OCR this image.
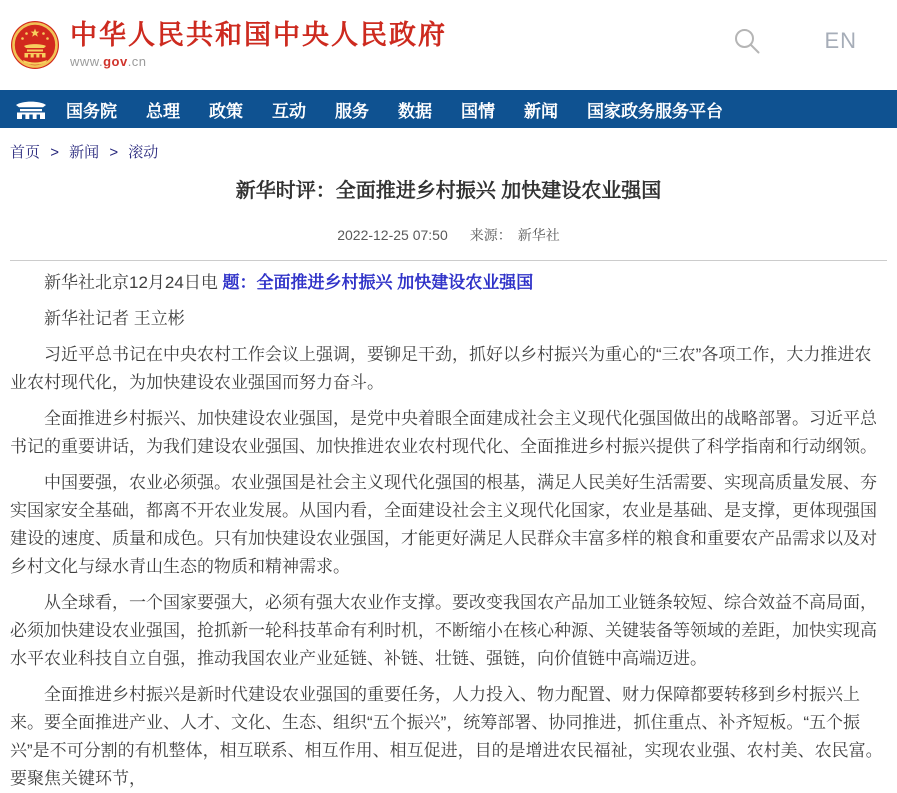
中华人民共和国中央人民政府
www.gov.cn
EN
国务院 总理 政策 互动 服务 数据 国情 新闻 国家政务服务平台
首页 > 新闻 > 滚动
新华时评：全面推进乡村振兴 加快建设农业强国
2022-12-25 07:50 来源： 新华社

新华社北京12月24日电 题：全面推进乡村振兴 加快建设农业强国

新华社记者 王立彬

习近平总书记在中央农村工作会议上强调，要铆足干劲，抓好以乡村振兴为重心的“三农”各项工作，大力推进农业农村现代化，为加快建设农业强国而努力奋斗。

全面推进乡村振兴、加快建设农业强国，是党中央着眼全面建成社会主义现代化强国做出的战略部署。习近平总书记的重要讲话，为我们建设农业强国、加快推进农业农村现代化、全面推进乡村振兴提供了科学指南和行动纲领。

中国要强，农业必须强。农业强国是社会主义现代化强国的根基，满足人民美好生活需要、实现高质量发展、夯实国家安全基础，都离不开农业发展。从国内看，全面建设社会主义现代化国家，农业是基础、是支撑，更体现强国建设的速度、质量和成色。只有加快建设农业强国，才能更好满足人民群众丰富多样的粮食和重要农产品需求以及对乡村文化与绿水青山生态的物质和精神需求。

从全球看，一个国家要强大，必须有强大农业作支撑。要改变我国农产品加工业链条较短、综合效益不高局面，必须加快建设农业强国，抢抓新一轮科技革命有利时机，不断缩小在核心种源、关键装备等领域的差距，加快实现高水平农业科技自立自强，推动我国农业产业延链、补链、壮链、强链，向价值链中高端迈进。

全面推进乡村振兴是新时代建设农业强国的重要任务，人力投入、物力配置、财力保障都要转移到乡村振兴上来。要全面推进产业、人才、文化、生态、组织“五个振兴”，统筹部署、协同推进，抓住重点、补齐短板。“五个振兴”是不可分割的有机整体，相互联系、相互作用、相互促进，目的是增进农民福祉，实现农业强、农村美、农民富。要聚焦关键环节，
